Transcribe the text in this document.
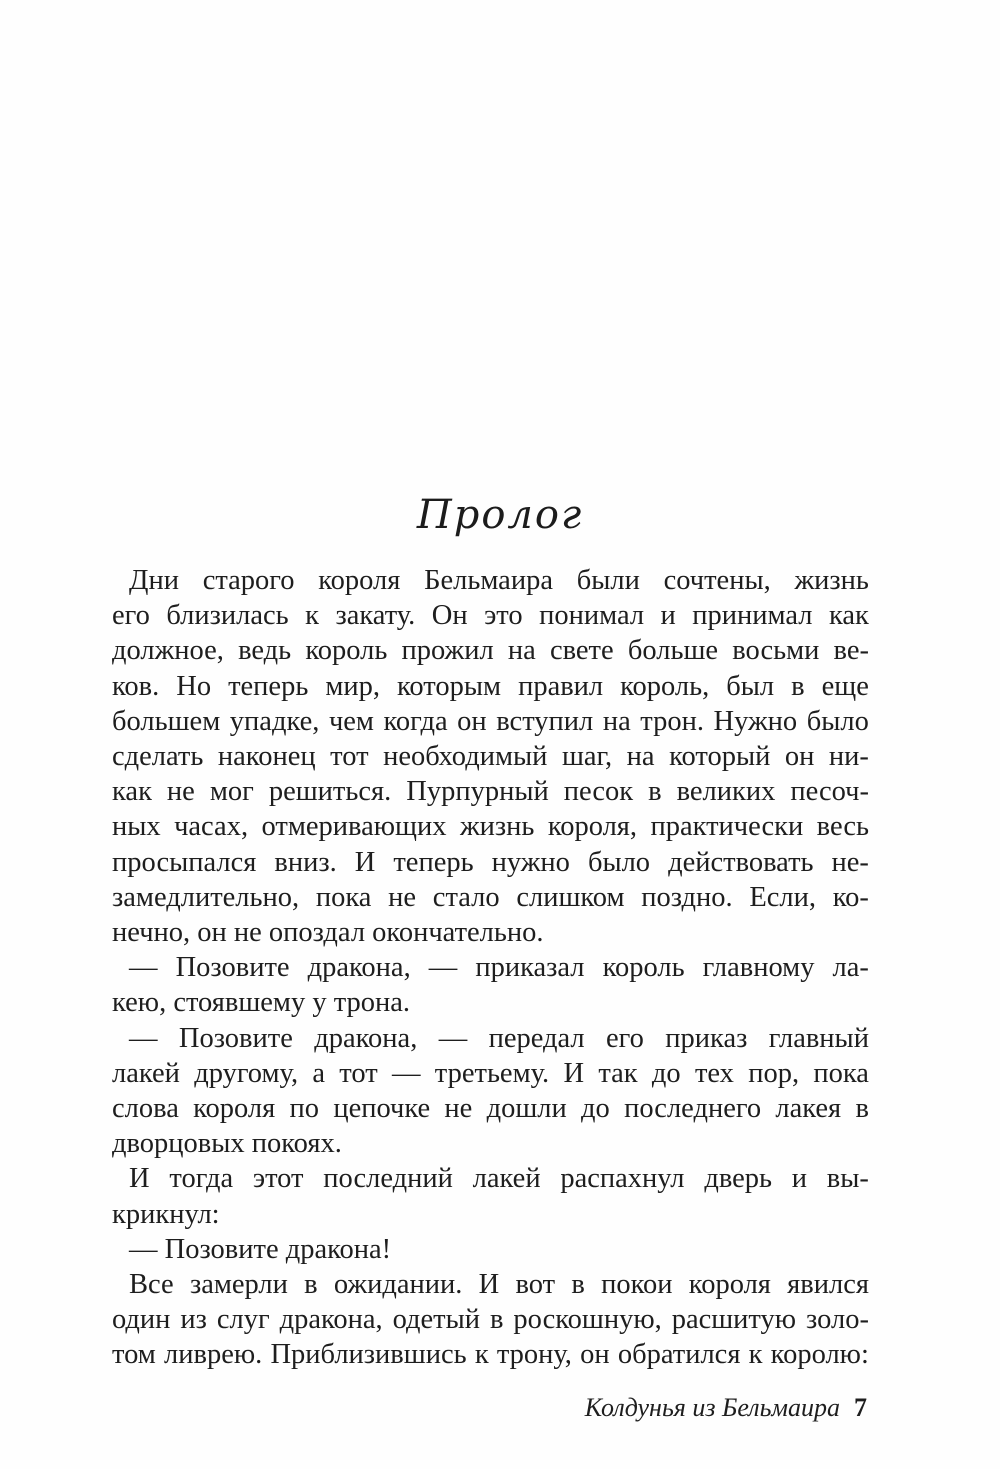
Пролог
Дни старого короля Бельмаира были сочтены, жизнь
его близилась к закату. Он это понимал и принимал как
должное, ведь король прожил на свете больше восьми ве-
ков. Но теперь мир, которым правил король, был в еще
большем упадке, чем когда он вступил на трон. Нужно было
сделать наконец тот необходимый шаг, на который он ни-
как не мог решиться. Пурпурный песок в великих песоч-
ных часах, отмеривающих жизнь короля, практически весь
просыпался вниз. И теперь нужно было действовать не-
замедлительно, пока не стало слишком поздно. Если, ко-
нечно, он не опоздал окончательно.
— Позовите дракона, — приказал король главному ла-
кею, стоявшему у трона.
— Позовите дракона, — передал его приказ главный
лакей другому, а тот — третьему. И так до тех пор, пока
слова короля по цепочке не дошли до последнего лакея в
дворцовых покоях.
И тогда этот последний лакей распахнул дверь и вы-
крикнул:
— Позовите дракона!
Все замерли в ожидании. И вот в покои короля явился
один из слуг дракона, одетый в роскошную, расшитую золо-
том ливрею. Приблизившись к трону, он обратился к королю:
Колдунья из Бельмаира 7
